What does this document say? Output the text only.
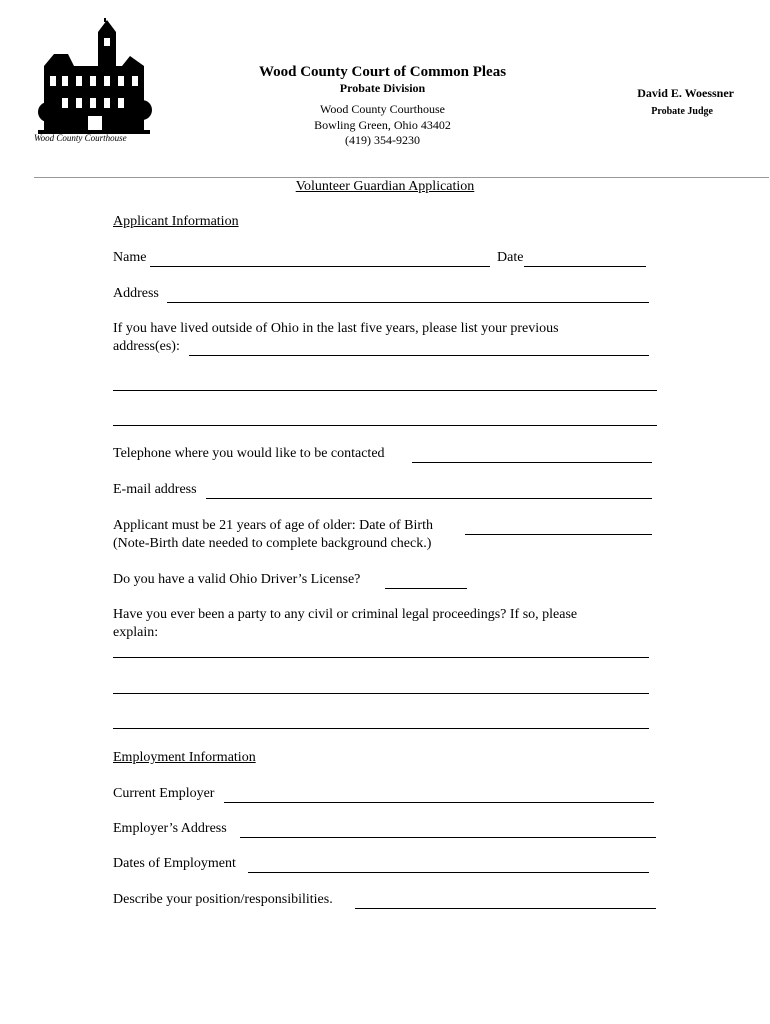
Wood County Courthouse
Wood County Court of Common Pleas
Probate Division
Wood County Courthouse
Bowling Green, Ohio 43402
(419) 354-9230
David E. Woessner
Probate Judge
Volunteer Guardian Application
Applicant Information
Name	Date
Address
If you have lived outside of Ohio in the last five years, please list your previous
address(es):
Telephone where you would like to be contacted
E-mail address
Applicant must be 21 years of age of older: Date of Birth
(Note-Birth date needed to complete background check.)
Do you have a valid Ohio Driver’s License?
Have you ever been a party to any civil or criminal legal proceedings? If so, please
explain:
Employment Information
Current Employer
Employer’s Address
Dates of Employment
Describe your position/responsibilities.
